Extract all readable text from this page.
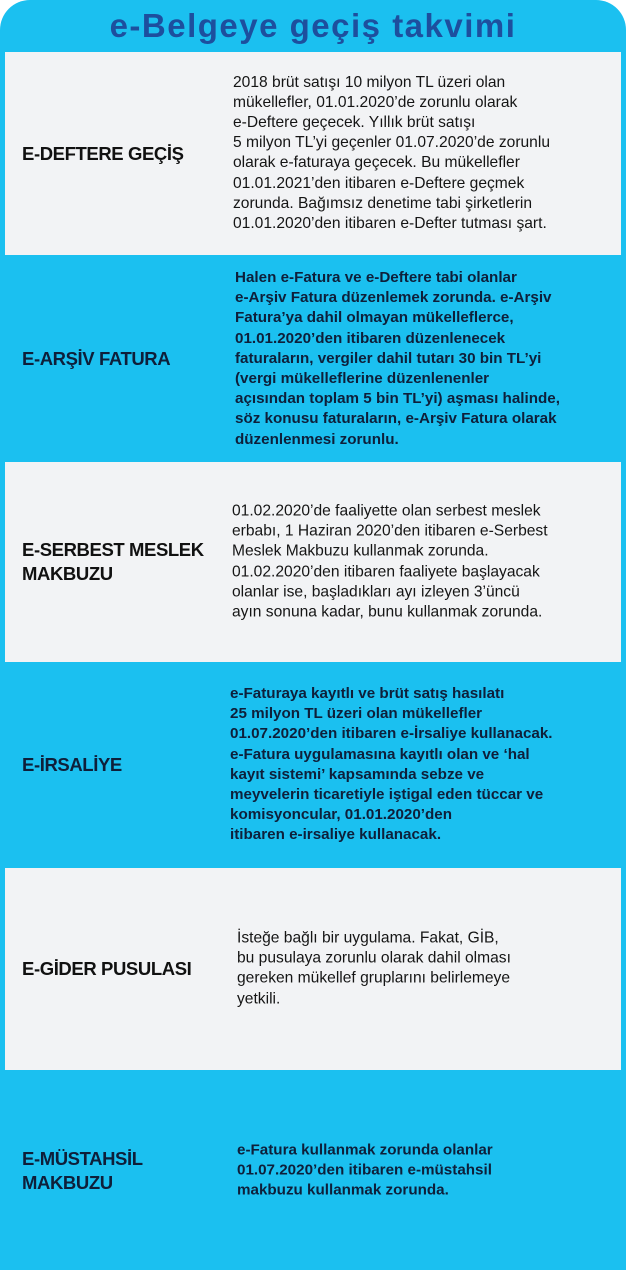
e-Belgeye geçiş takvimi
E-DEFTERE GEÇİŞ
2018 brüt satışı 10 milyon TL üzeri olan
mükellefler, 01.01.2020’de zorunlu olarak
e-Deftere geçecek. Yıllık brüt satışı
5 milyon TL’yi geçenler 01.07.2020’de zorunlu
olarak e-faturaya geçecek. Bu mükellefler
01.01.2021’den itibaren e-Deftere geçmek
zorunda. Bağımsız denetime tabi şirketlerin
01.01.2020’den itibaren e-Defter tutması şart.
E-ARŞİV FATURA
Halen e-Fatura ve e-Deftere tabi olanlar
e-Arşiv Fatura düzenlemek zorunda. e-Arşiv
Fatura’ya dahil olmayan mükelleflerce,
01.01.2020’den itibaren düzenlenecek
faturaların, vergiler dahil tutarı 30 bin TL’yi
(vergi mükelleflerine düzenlenenler
açısından toplam 5 bin TL’yi) aşması halinde,
söz konusu faturaların, e-Arşiv Fatura olarak
düzenlenmesi zorunlu.
E-SERBEST MESLEK
MAKBUZU
01.02.2020’de faaliyette olan serbest meslek
erbabı, 1 Haziran 2020’den itibaren e-Serbest
Meslek Makbuzu kullanmak zorunda.
01.02.2020’den itibaren faaliyete başlayacak
olanlar ise, başladıkları ayı izleyen 3’üncü
ayın sonuna kadar, bunu kullanmak zorunda.
E-İRSALİYE
e-Faturaya kayıtlı ve brüt satış hasılatı
25 milyon TL üzeri olan mükellefler
01.07.2020’den itibaren e-İrsaliye kullanacak.
e-Fatura uygulamasına kayıtlı olan ve ‘hal
kayıt sistemi’ kapsamında sebze ve
meyvelerin ticaretiyle iştigal eden tüccar ve
komisyoncular, 01.01.2020’den
itibaren e-irsaliye kullanacak.
E-GİDER PUSULASI
İsteğe bağlı bir uygulama. Fakat, GİB,
bu pusulaya zorunlu olarak dahil olması
gereken mükellef gruplarını belirlemeye
yetkili.
E-MÜSTAHSİL
MAKBUZU
e-Fatura kullanmak zorunda olanlar
01.07.2020’den itibaren e-müstahsil
makbuzu kullanmak zorunda.
